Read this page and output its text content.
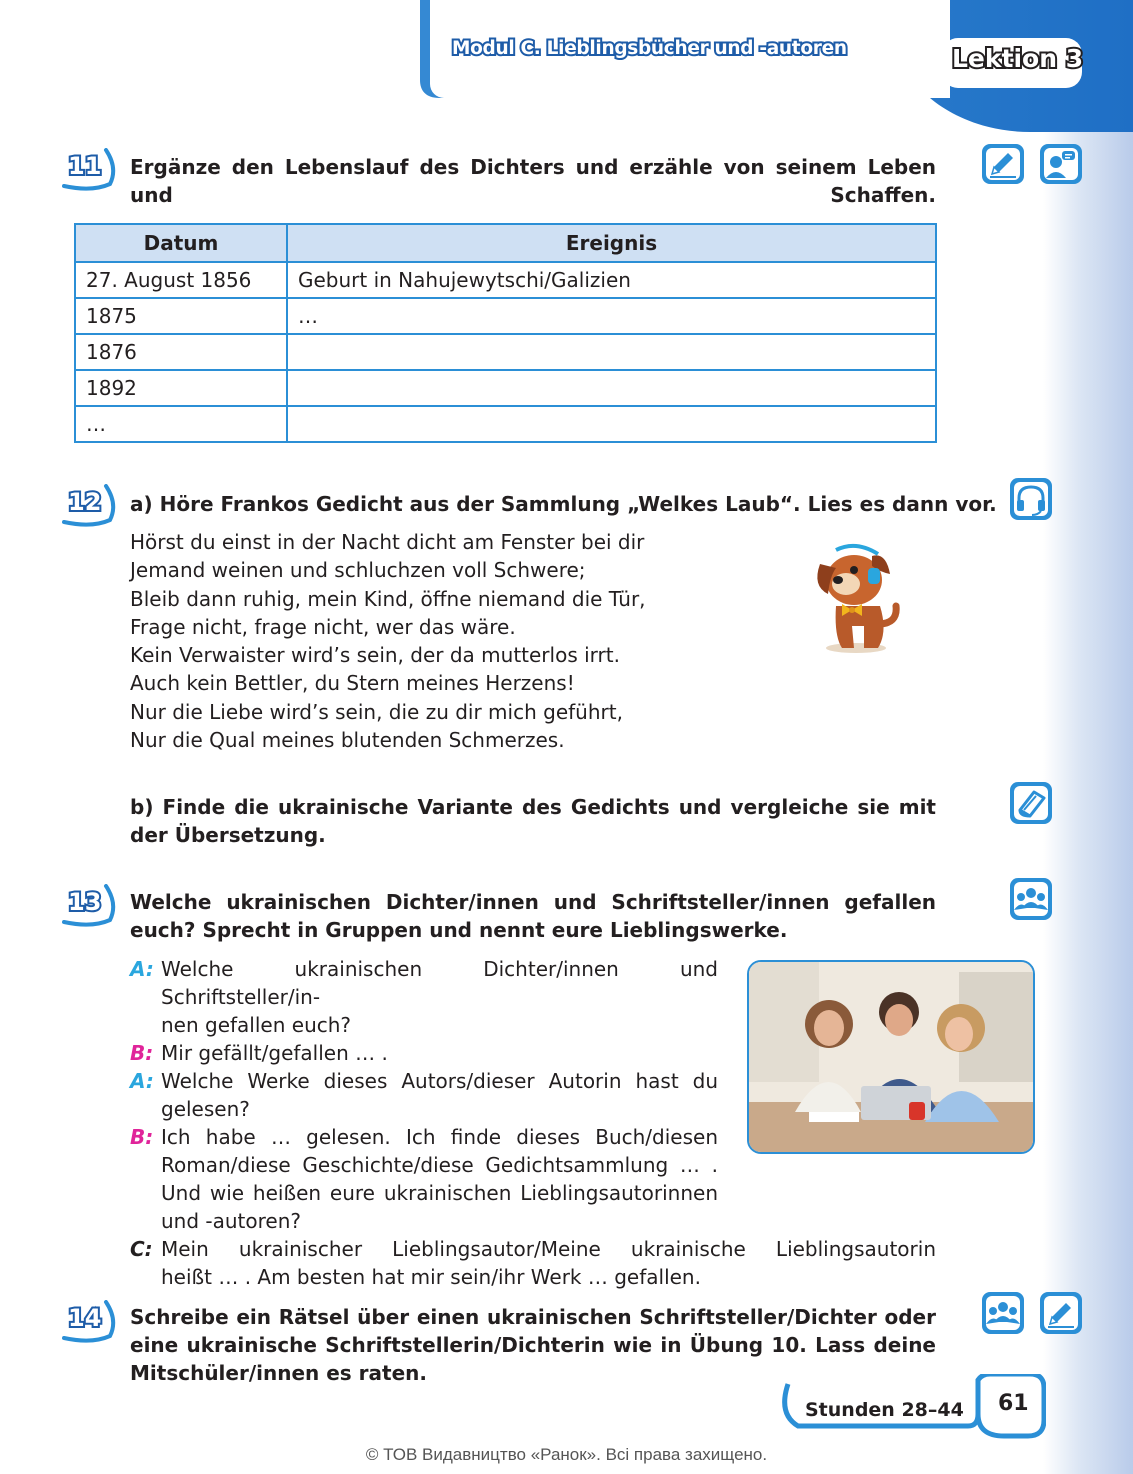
Modul C. Lieblingsbücher und -autoren	Lektion 3
11 Ergänze den Lebenslauf des Dichters und erzähle von seinem Leben und Schaffen.
Datum	Ereignis
27. August 1856	Geburt in Nahujewytschi/Galizien
1875	…
1876	
1892	
…	
12 a) Höre Frankos Gedicht aus der Sammlung „Welkes Laub“. Lies es dann vor.
Hörst du einst in der Nacht dicht am Fenster bei dir
Jemand weinen und schluchzen voll Schwere;
Bleib dann ruhig, mein Kind, öffne niemand die Tür,
Frage nicht, frage nicht, wer das wäre.
Kein Verwaister wird’s sein, der da mutterlos irrt.
Auch kein Bettler, du Stern meines Herzens!
Nur die Liebe wird’s sein, die zu dir mich geführt,
Nur die Qual meines blutenden Schmerzes.
b) Finde die ukrainische Variante des Gedichts und vergleiche sie mit der Übersetzung.
13 Welche ukrainischen Dichter/innen und Schriftsteller/innen gefallen euch? Sprecht in Gruppen und nennt eure Lieblingswerke.
A: Welche ukrainischen Dichter/innen und Schriftsteller/in-
nen gefallen euch?
B: Mir gefällt/gefallen … .
A: Welche Werke dieses Autors/dieser Autorin hast du
gelesen?
B: Ich habe … gelesen. Ich finde dieses Buch/diesen
Roman/diese Geschichte/diese Gedichtsammlung … .
Und wie heißen eure ukrainischen Lieblingsautorinnen
und -autoren?
C: Mein ukrainischer Lieblingsautor/Meine ukrainische Lieblingsautorin
heißt … . Am besten hat mir sein/ihr Werk … gefallen.
14 Schreibe ein Rätsel über einen ukrainischen Schriftsteller/Dichter oder eine ukrainische Schriftstellerin/Dichterin wie in Übung 10. Lass deine Mitschüler/innen es raten.
Stunden 28–44 61
© ТОВ Видавництво «Ранок». Всі права захищено.
